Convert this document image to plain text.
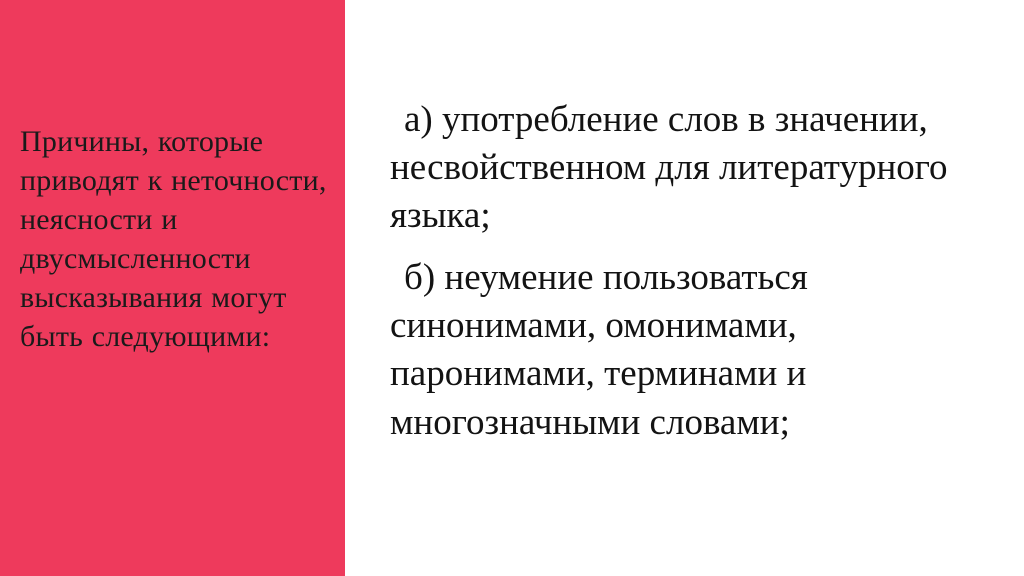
Причины, которые приводят к неточности, неясности и двусмысленности высказывания могут быть следующими:

а) употребление слов в значении, несвойственном для литературного языка;

б) неумение пользоваться синонимами, омонимами, паронимами, терминами и многозначными словами;
